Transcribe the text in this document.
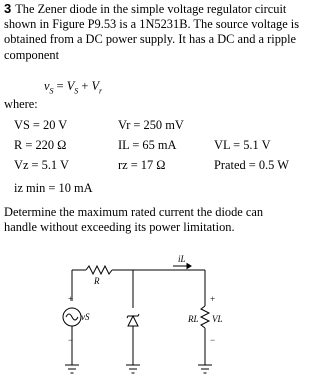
3 The Zener diode in the simple voltage regulator circuit shown in Figure P9.53 is a 1N5231B. The source voltage is obtained from a DC power supply. It has a DC and a ripple component
$v_S = V_S + V_r$
where:
VS = 20 V	Vr = 250 mV
R = 220 Ω	IL = 65 mA	VL = 5.1 V
Vz = 5.1 V	rz = 17 Ω	Prated = 0.5 W
iz min = 10 mA
Determine the maximum rated current the diode can handle without exceeding its power limitation.
R
iL
vS	RL VL
+
−
+
−
